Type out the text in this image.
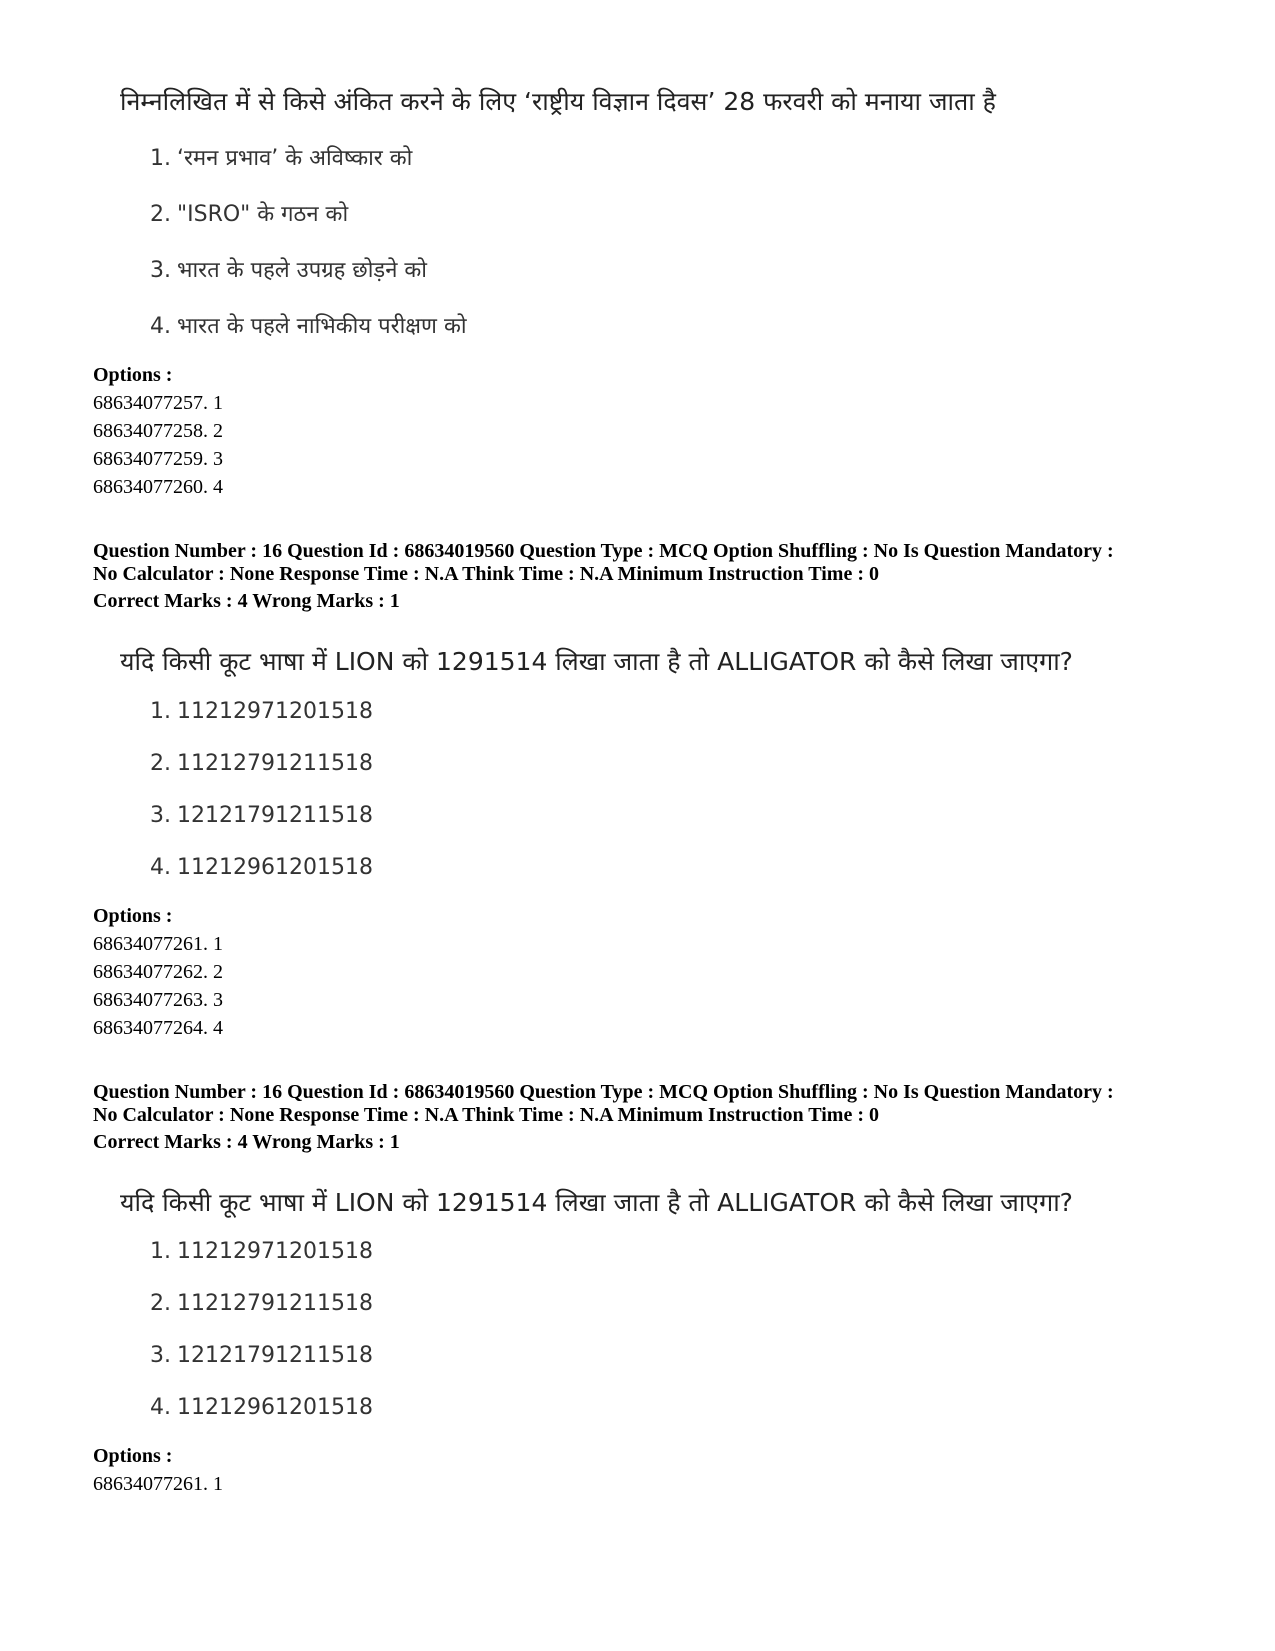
निम्नलिखित में से किसे अंकित करने के लिए ‘राष्ट्रीय विज्ञान दिवस’ 28 फरवरी को मनाया जाता है
1. ‘रमन प्रभाव’ के अविष्कार को
2. "ISRO" के गठन को
3. भारत के पहले उपग्रह छोड़ने को
4. भारत के पहले नाभिकीय परीक्षण को
Options :
68634077257. 1
68634077258. 2
68634077259. 3
68634077260. 4
Question Number : 16 Question Id : 68634019560 Question Type : MCQ Option Shuffling : No Is Question Mandatory :
No Calculator : None Response Time : N.A Think Time : N.A Minimum Instruction Time : 0
Correct Marks : 4 Wrong Marks : 1
यदि किसी कूट भाषा में LION को 1291514 लिखा जाता है तो ALLIGATOR को कैसे लिखा जाएगा?
1. 11212971201518
2. 11212791211518
3. 12121791211518
4. 11212961201518
Options :
68634077261. 1
68634077262. 2
68634077263. 3
68634077264. 4
Question Number : 16 Question Id : 68634019560 Question Type : MCQ Option Shuffling : No Is Question Mandatory :
No Calculator : None Response Time : N.A Think Time : N.A Minimum Instruction Time : 0
Correct Marks : 4 Wrong Marks : 1
यदि किसी कूट भाषा में LION को 1291514 लिखा जाता है तो ALLIGATOR को कैसे लिखा जाएगा?
1. 11212971201518
2. 11212791211518
3. 12121791211518
4. 11212961201518
Options :
68634077261. 1
